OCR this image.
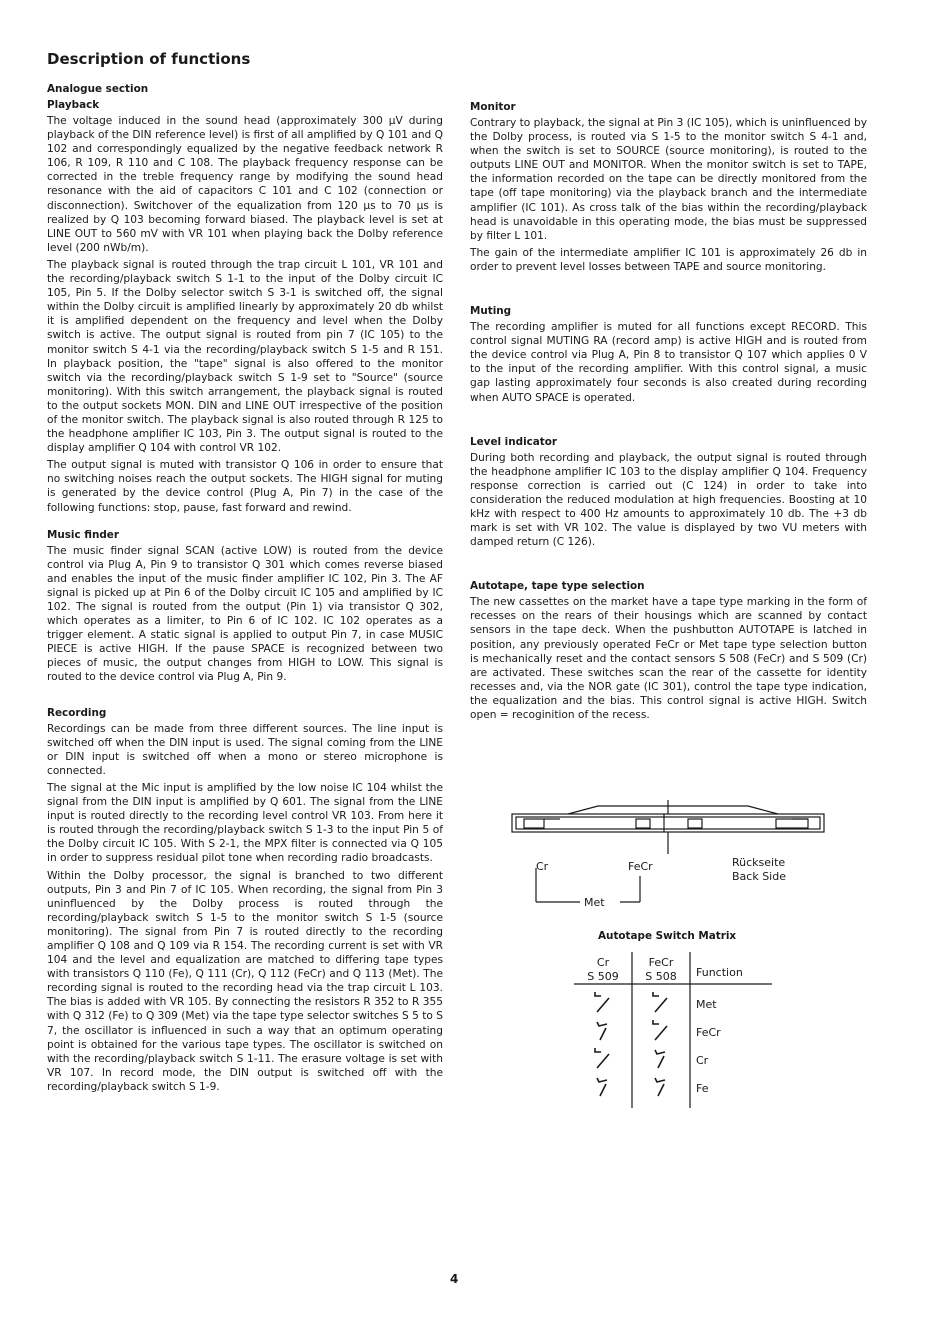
Description of functions
Analogue section
Playback

The voltage induced in the sound head (approximately 300 µV during playback of the DIN reference level) is first of all amplified by Q 101 and Q 102 and correspondingly equalized by the negative feedback network R 106, R 109, R 110 and C 108. The playback frequency response can be corrected in the treble frequency range by modifying the sound head resonance with the aid of capacitors C 101 and C 102 (connection or disconnection). Switchover of the equalization from 120 µs to 70 µs is realized by Q 103 becoming forward biased. The playback level is set at LINE OUT to 560 mV with VR 101 when playing back the Dolby reference level (200 nWb/m).

The playback signal is routed through the trap circuit L 101, VR 101 and the recording/playback switch S 1-1 to the input of the Dolby circuit IC 105, Pin 5. If the Dolby selector switch S 3-1 is switched off, the signal within the Dolby circuit is amplified linearly by approximately 20 db whilst it is amplified dependent on the frequency and level when the Dolby switch is active. The output signal is routed from pin 7 (IC 105) to the monitor switch S 4-1 via the recording/playback switch S 1-5 and R 151. In playback position, the "tape" signal is also offered to the monitor switch via the recording/playback switch S 1-9 set to "Source" (source monitoring). With this switch arrangement, the playback signal is routed to the output sockets MON. DIN and LINE OUT irrespective of the position of the monitor switch. The playback signal is also routed through R 125 to the headphone amplifier IC 103, Pin 3. The output signal is routed to the display amplifier Q 104 with control VR 102.

The output signal is muted with transistor Q 106 in order to ensure that no switching noises reach the output sockets. The HIGH signal for muting is generated by the device control (Plug A, Pin 7) in the case of the following functions: stop, pause, fast forward and rewind.

Music finder

The music finder signal SCAN (active LOW) is routed from the device control via Plug A, Pin 9 to transistor Q 301 which comes reverse biased and enables the input of the music finder amplifier IC 102, Pin 3. The AF signal is picked up at Pin 6 of the Dolby circuit IC 105 and amplified by IC 102. The signal is routed from the output (Pin 1) via transistor Q 302, which operates as a limiter, to Pin 6 of IC 102. IC 102 operates as a trigger element. A static signal is applied to output Pin 7, in case MUSIC PIECE is active HIGH. If the pause SPACE is recognized between two pieces of music, the output changes from HIGH to LOW. This signal is routed to the device control via Plug A, Pin 9.

Recording

Recordings can be made from three different sources. The line input is switched off when the DIN input is used. The signal coming from the LINE or DIN input is switched off when a mono or stereo microphone is connected.

The signal at the Mic input is amplified by the low noise IC 104 whilst the signal from the DIN input is amplified by Q 601. The signal from the LINE input is routed directly to the recording level control VR 103. From here it is routed through the recording/playback switch S 1-3 to the input Pin 5 of the Dolby circuit IC 105. With S 2-1, the MPX filter is connected via Q 105 in order to suppress residual pilot tone when recording radio broadcasts.

Within the Dolby processor, the signal is branched to two different outputs, Pin 3 and Pin 7 of IC 105. When recording, the signal from Pin 3 uninfluenced by the Dolby process is routed through the recording/playback switch S 1-5 to the monitor switch S 1-5 (source monitoring). The signal from Pin 7 is routed directly to the recording amplifier Q 108 and Q 109 via R 154. The recording current is set with VR 104 and the level and equalization are matched to differing tape types with transistors Q 110 (Fe), Q 111 (Cr), Q 112 (FeCr) and Q 113 (Met). The recording signal is routed to the recording head via the trap circuit L 103. The bias is added with VR 105. By connecting the resistors R 352 to R 355 with Q 312 (Fe) to Q 309 (Met) via the tape type selector switches S 5 to S 7, the oscillator is influenced in such a way that an optimum operating point is obtained for the various tape types. The oscillator is switched on with the recording/playback switch S 1-11. The erasure voltage is set with VR 107. In record mode, the DIN output is switched off with the recording/playback switch S 1-9.

Monitor

Contrary to playback, the signal at Pin 3 (IC 105), which is uninfluenced by the Dolby process, is routed via S 1-5 to the monitor switch S 4-1 and, when the switch is set to SOURCE (source monitoring), is routed to the outputs LINE OUT and MONITOR. When the monitor switch is set to TAPE, the information recorded on the tape can be directly monitored from the tape (off tape monitoring) via the playback branch and the intermediate amplifier (IC 101). As cross talk of the bias within the recording/playback head is unavoidable in this operating mode, the bias must be suppressed by filter L 101.

The gain of the intermediate amplifier IC 101 is approximately 26 db in order to prevent level losses between TAPE and source monitoring.

Muting

The recording amplifier is muted for all functions except RECORD. This control signal MUTING RA (record amp) is active HIGH and is routed from the device control via Plug A, Pin 8 to transistor Q 107 which applies 0 V to the input of the recording amplifier. With this control signal, a music gap lasting approximately four seconds is also created during recording when AUTO SPACE is operated.

Level indicator

During both recording and playback, the output signal is routed through the headphone amplifier IC 103 to the display amplifier Q 104. Frequency response correction is carried out (C 124) in order to take into consideration the reduced modulation at high frequencies. Boosting at 10 kHz with respect to 400 Hz amounts to approximately 10 db. The +3 db mark is set with VR 102. The value is displayed by two VU meters with damped return (C 126).

Autotape, tape type selection

The new cassettes on the market have a tape type marking in the form of recesses on the rears of their housings which are scanned by contact sensors in the tape deck. When the pushbutton AUTOTAPE is latched in position, any previously operated FeCr or Met tape type selection button is mechanically reset and the contact sensors S 508 (FeCr) and S 509 (Cr) are activated. These switches scan the rear of the cassette for identity recesses and, via the NOR gate (IC 301), control the tape type indication, the equalization and the bias. This control signal is active HIGH. Switch open = recoginition of the recess.

Cr	FeCr
Met
Rückseite
Back Side
Autotape Switch Matrix
Cr
S 509
FeCr
S 508 Function
Met
FeCr
Cr
Fe
4
